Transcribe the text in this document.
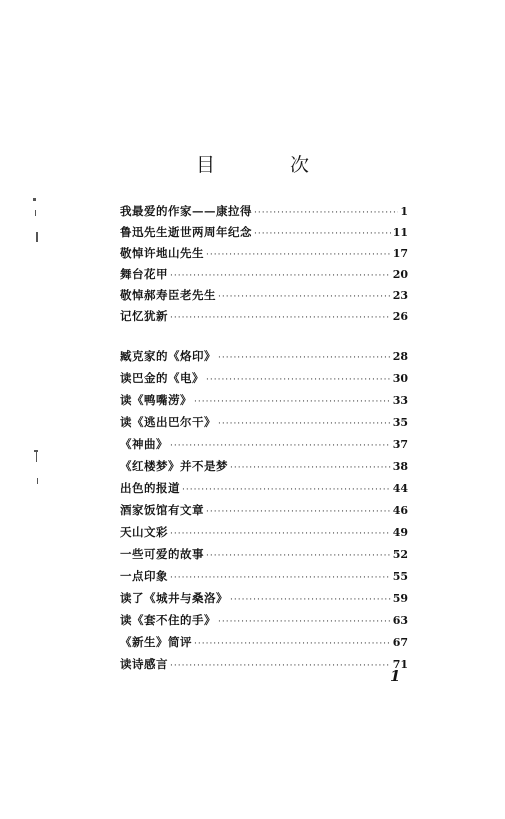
目　次
我最爱的作家——康拉得 ·····	1
鲁迅先生逝世两周年纪念 ·····	11
敬悼许地山先生 ·····	17
舞台花甲 ·····	20
敬悼郝寿臣老先生 ·····	23
记忆犹新 ·····	26
臧克家的《烙印》 ·····	28
读巴金的《电》 ·····	30
读《鸭嘴涝》 ·····	33
读《逃出巴尔干》 ·····	35
《神曲》 ·····	37
《红楼梦》并不是梦 ·····	38
出色的报道 ·····	44
酒家饭馆有文章 ·····	46
天山文彩 ·····	49
一些可爱的故事 ·····	52
一点印象 ·····	55
读了《城井与桑洛》 ·····	59
读《套不住的手》 ·····	63
《新生》简评 ·····	67
读诗感言 ·····	71
1
